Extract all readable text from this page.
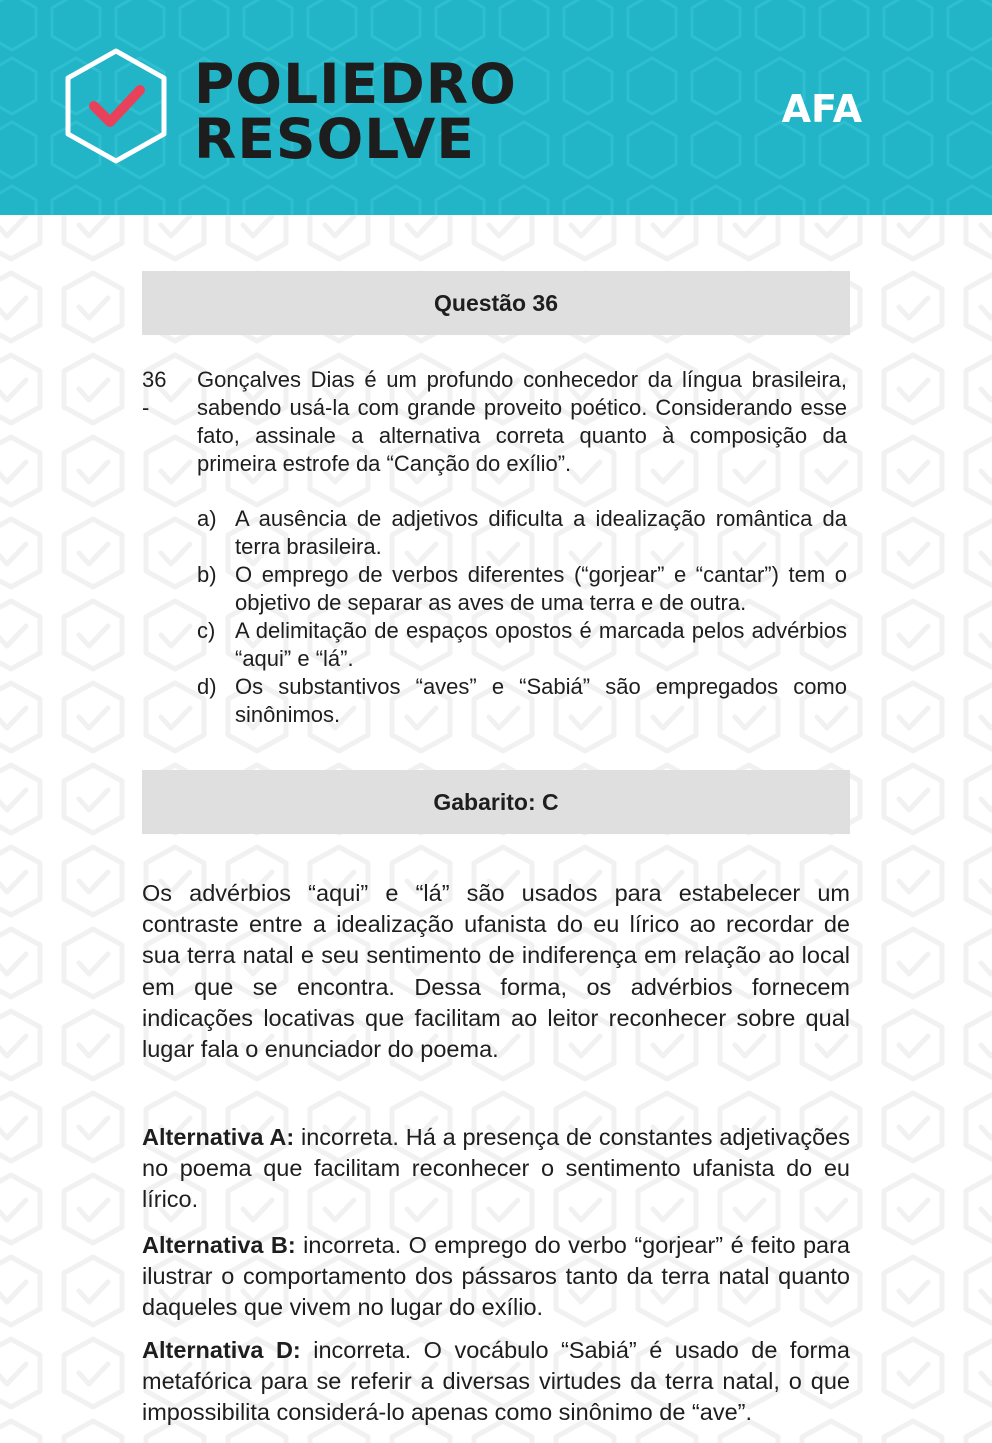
POLIEDRO
RESOLVE	AFA
Questão 36
36 -
Gonçalves Dias é um profundo conhecedor da língua brasileira, sabendo usá-la com grande proveito poético. Considerando esse fato, assinale a alternativa correta quanto à composição da primeira estrofe da “Canção do exílio”.
a) A ausência de adjetivos dificulta a idealização romântica da terra brasileira.
b) O emprego de verbos diferentes (“gorjear” e “cantar”) tem o objetivo de separar as aves de uma terra e de outra.
c) A delimitação de espaços opostos é marcada pelos advérbios “aqui” e “lá”.
d) Os substantivos “aves” e “Sabiá” são empregados como sinônimos.
Gabarito: C
Os advérbios “aqui” e “lá” são usados para estabelecer um contraste entre a idealização ufanista do eu lírico ao recordar de sua terra natal e seu sentimento de indiferença em relação ao local em que se encontra. Dessa forma, os advérbios fornecem indicações locativas que facilitam ao leitor reconhecer sobre qual lugar fala o enunciador do poema.
Alternativa A: incorreta. Há a presença de constantes adjetivações no poema que facilitam reconhecer o sentimento ufanista do eu lírico.
Alternativa B: incorreta. O emprego do verbo “gorjear” é feito para ilustrar o comportamento dos pássaros tanto da terra natal quanto daqueles que vivem no lugar do exílio.
Alternativa D: incorreta. O vocábulo “Sabiá” é usado de forma metafórica para se referir a diversas virtudes da terra natal, o que impossibilita considerá-lo apenas como sinônimo de “ave”.
